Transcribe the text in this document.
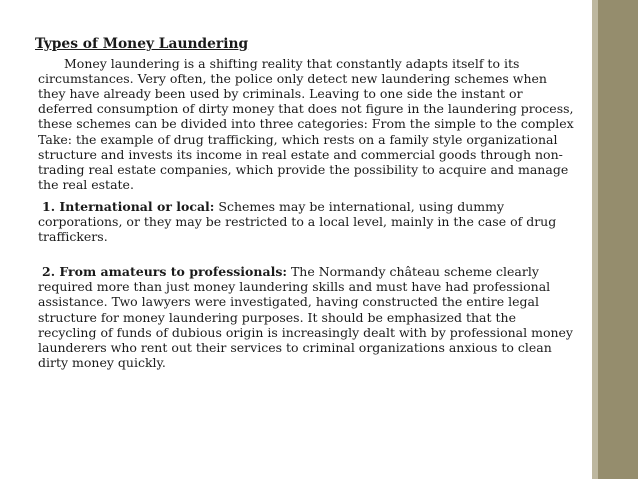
Types of Money Laundering

Money laundering is a shifting reality that constantly adapts itself to its circumstances. Very often, the police only detect new laundering schemes when they have already been used by criminals. Leaving to one side the instant or deferred consumption of dirty money that does not figure in the laundering process, these schemes can be divided into three categories: From the simple to the complex Take: the example of drug trafficking, which rests on a family style organizational structure and invests its income in real estate and commercial goods through non-trading real estate companies, which provide the possibility to acquire and manage the real estate.

1. International or local: Schemes may be international, using dummy corporations, or they may be restricted to a local level, mainly in the case of drug traffickers.

2. From amateurs to professionals: The Normandy château scheme clearly required more than just money laundering skills and must have had professional assistance. Two lawyers were investigated, having constructed the entire legal structure for money laundering purposes. It should be emphasized that the recycling of funds of dubious origin is increasingly dealt with by professional money launderers who rent out their services to criminal organizations anxious to clean dirty money quickly.
